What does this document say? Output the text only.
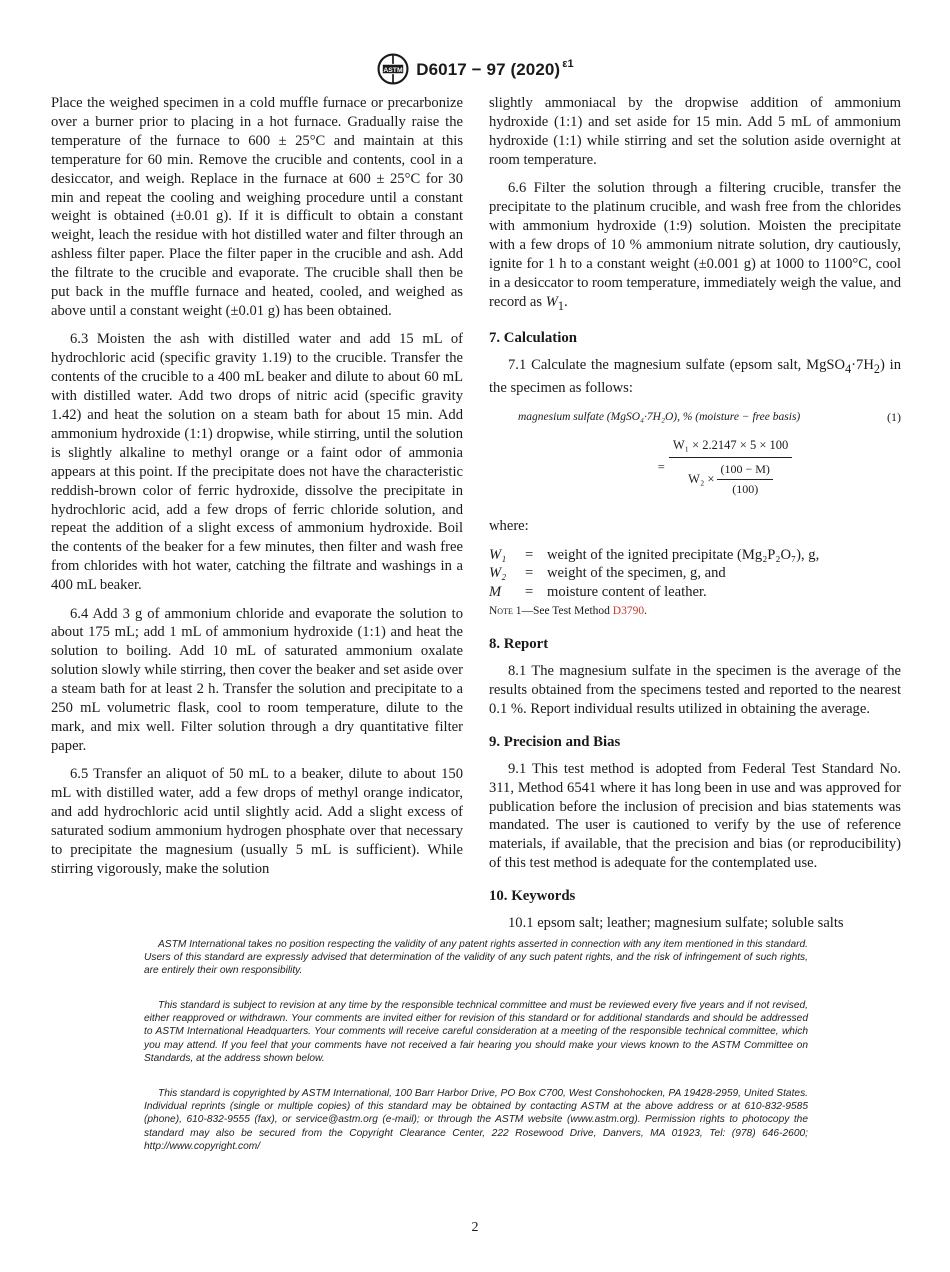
ASTM D6017 − 97 (2020) $^{\varepsilon 1}$

Place the weighed specimen in a cold muffle furnace or precarbonize over a burner prior to placing in a hot furnace. Gradually raise the temperature of the furnace to 600 ± 25°C and maintain at this temperature for 60 min. Remove the crucible and contents, cool in a desiccator, and weigh. Replace in the furnace at 600 ± 25°C for 30 min and repeat the cooling and weighing procedure until a constant weight is obtained (±0.01 g). If it is difficult to obtain a constant weight, leach the residue with hot distilled water and filter through an ashless filter paper. Place the filter paper in the crucible and ash. Add the filtrate to the crucible and evaporate. The crucible shall then be put back in the muffle furnace and heated, cooled, and weighed as above until a constant weight (±0.01 g) has been obtained.

6.3 Moisten the ash with distilled water and add 15 mL of hydrochloric acid (specific gravity 1.19) to the crucible. Transfer the contents of the crucible to a 400 mL beaker and dilute to about 60 mL with distilled water. Add two drops of nitric acid (specific gravity 1.42) and heat the solution on a steam bath for about 15 min. Add ammonium hydroxide (1:1) dropwise, while stirring, until the solution is slightly alkaline to methyl orange or a faint odor of ammonia appears at this point. If the precipitate does not have the characteristic reddish-brown color of ferric hydroxide, dissolve the precipitate in hydrochloric acid, add a few drops of ferric chloride solution, and repeat the addition of a slight excess of ammonium hydroxide. Boil the contents of the beaker for a few minutes, then filter and wash free from chlorides with hot water, catching the filtrate and washings in a 400 mL beaker.

6.4 Add 3 g of ammonium chloride and evaporate the solution to about 175 mL; add 1 mL of ammonium hydroxide (1:1) and heat the solution to boiling. Add 10 mL of saturated ammonium oxalate solution slowly while stirring, then cover the beaker and set aside over a steam bath for at least 2 h. Transfer the solution and precipitate to a 250 mL volumetric flask, cool to room temperature, dilute to the mark, and mix well. Filter solution through a dry quantitative filter paper.

6.5 Transfer an aliquot of 50 mL to a beaker, dilute to about 150 mL with distilled water, add a few drops of methyl orange indicator, and add hydrochloric acid until slightly acid. Add a slight excess of saturated sodium ammonium hydrogen phosphate over that necessary to precipitate the magnesium (usually 5 mL is sufficient). While stirring vigorously, make the solution

slightly ammoniacal by the dropwise addition of ammonium hydroxide (1:1) and set aside for 15 min. Add 5 mL of ammonium hydroxide (1:1) while stirring and set the solution aside overnight at room temperature.

6.6 Filter the solution through a filtering crucible, transfer the precipitate to the platinum crucible, and wash free from the chlorides with ammonium hydroxide (1:9) solution. Moisten the precipitate with a few drops of 10 % ammonium nitrate solution, dry cautiously, ignite for 1 h to a constant weight (±0.001 g) at 1000 to 1100°C, cool in a desiccator to room temperature, immediately weigh the value, and record as $W_1$.

7. Calculation

7.1 Calculate the magnesium sulfate (epsom salt, $MgSO_4\cdot 7H_2$) in the specimen as follows:

magnesium sulfate (MgSO₄·7H₂O), % (moisture − free basis)	(1)
= $\frac{\text{W₁ × 2.2147 × 5 × 100}}{W_2 \times \frac{(100 - M)}{(100)}}$

where:

W₁	= weight of the ignited precipitate (Mg₂P₂O₇), g,
W₂	= weight of the specimen, g, and
M	= moisture content of leather.

Note 1—See Test Method D3790.

8. Report

8.1 The magnesium sulfate in the specimen is the average of the results obtained from the specimens tested and reported to the nearest 0.1 %. Report individual results utilized in obtaining the average.

9. Precision and Bias

9.1 This test method is adopted from Federal Test Standard No. 311, Method 6541 where it has long been in use and was approved for publication before the inclusion of precision and bias statements was mandated. The user is cautioned to verify by the use of reference materials, if available, that the precision and bias (or reproducibility) of this test method is adequate for the contemplated use.

10. Keywords

10.1 epsom salt; leather; magnesium sulfate; soluble salts

ASTM International takes no position respecting the validity of any patent rights asserted in connection with any item mentioned in this standard. Users of this standard are expressly advised that determination of the validity of any such patent rights, and the risk of infringement of such rights, are entirely their own responsibility.

This standard is subject to revision at any time by the responsible technical committee and must be reviewed every five years and if not revised, either reapproved or withdrawn. Your comments are invited either for revision of this standard or for additional standards and should be addressed to ASTM International Headquarters. Your comments will receive careful consideration at a meeting of the responsible technical committee, which you may attend. If you feel that your comments have not received a fair hearing you should make your views known to the ASTM Committee on Standards, at the address shown below.

This standard is copyrighted by ASTM International, 100 Barr Harbor Drive, PO Box C700, West Conshohocken, PA 19428-2959, United States. Individual reprints (single or multiple copies) of this standard may be obtained by contacting ASTM at the above address or at 610-832-9585 (phone), 610-832-9555 (fax), or service@astm.org (e-mail); or through the ASTM website (www.astm.org). Permission rights to photocopy the standard may also be secured from the Copyright Clearance Center, 222 Rosewood Drive, Danvers, MA 01923, Tel: (978) 646-2600; http://www.copyright.com/

2
